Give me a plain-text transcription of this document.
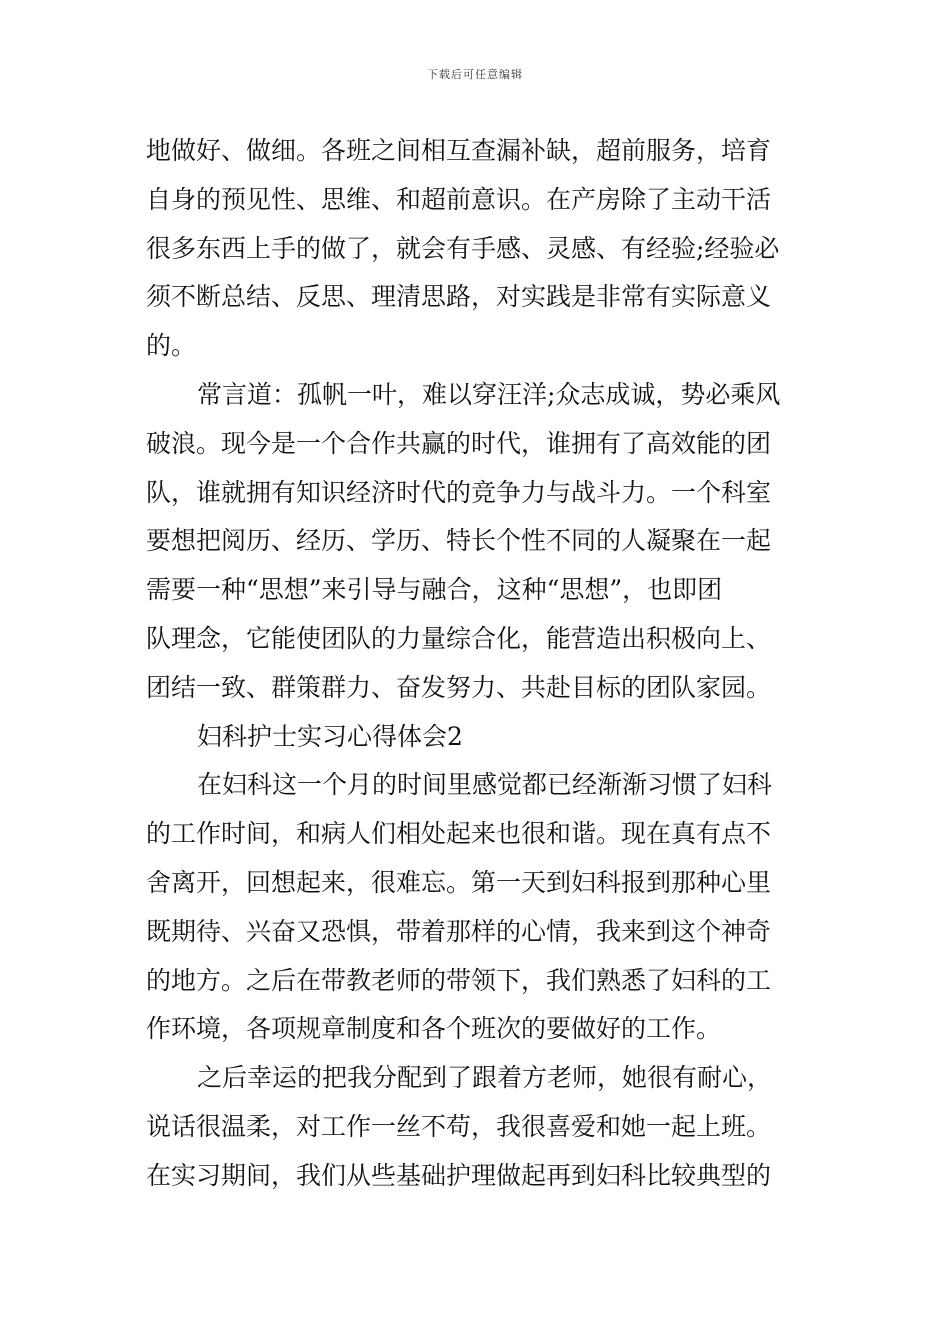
下载后可任意编辑
地做好、做细。各班之间相互查漏补缺，超前服务，培育
自身的预见性、思维、和超前意识。在产房除了主动干活
很多东西上手的做了，就会有手感、灵感、有经验;经验必
须不断总结、反思、理清思路，对实践是非常有实际意义
的。
常言道：孤帆一叶，难以穿汪洋;众志成诚，势必乘风
破浪。现今是一个合作共赢的时代，谁拥有了高效能的团
队，谁就拥有知识经济时代的竞争力与战斗力。一个科室
要想把阅历、经历、学历、特长个性不同的人凝聚在一起
需要一种“思想”来引导与融合，这种“思想”，也即团
队理念，它能使团队的力量综合化，能营造出积极向上、
团结一致、群策群力、奋发努力、共赴目标的团队家园。
妇科护士实习心得体会2
在妇科这一个月的时间里感觉都已经渐渐习惯了妇科
的工作时间，和病人们相处起来也很和谐。现在真有点不
舍离开，回想起来，很难忘。第一天到妇科报到那种心里
既期待、兴奋又恐惧，带着那样的心情，我来到这个神奇
的地方。之后在带教老师的带领下，我们熟悉了妇科的工
作环境，各项规章制度和各个班次的要做好的工作。
之后幸运的把我分配到了跟着方老师，她很有耐心，
说话很温柔，对工作一丝不苟，我很喜爱和她一起上班。
在实习期间，我们从些基础护理做起再到妇科比较典型的
